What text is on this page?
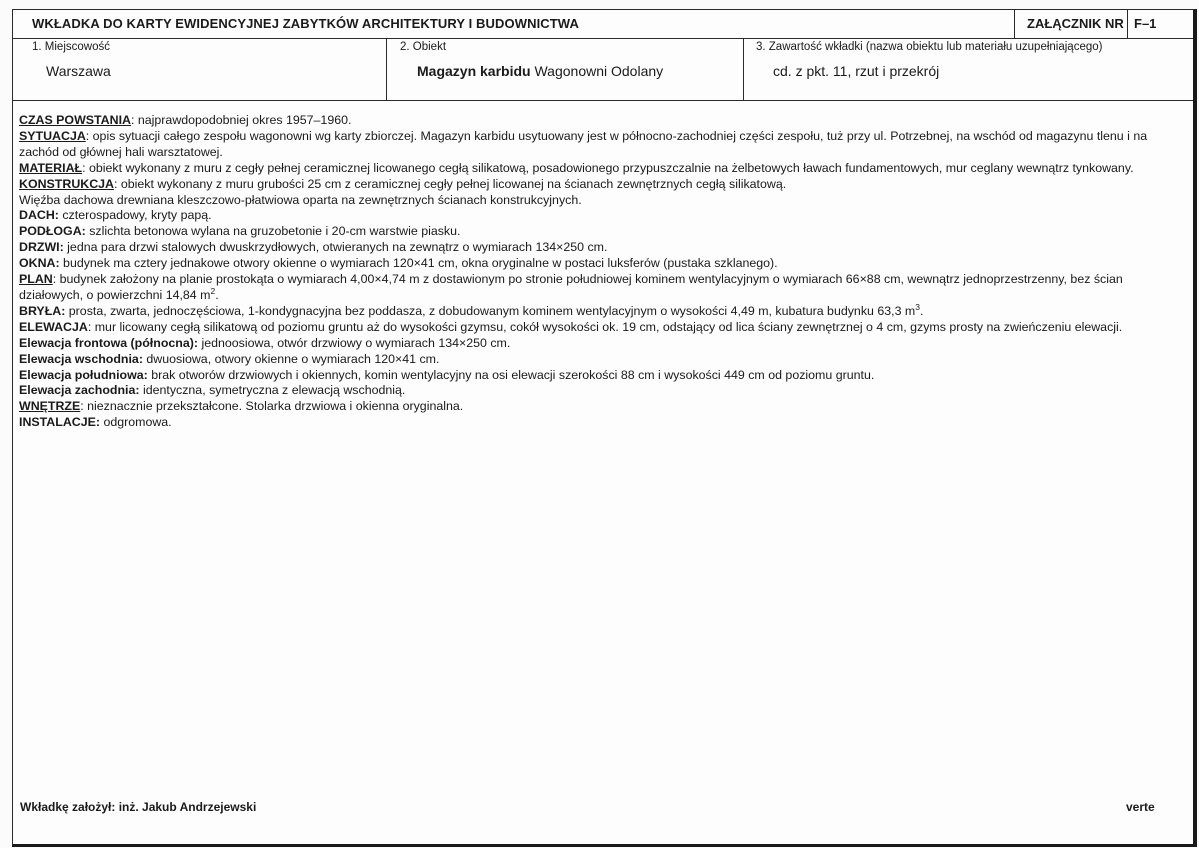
WKŁADKA DO KARTY EWIDENCYJNEJ ZABYTKÓW ARCHITEKTURY I BUDOWNICTWA	ZAŁĄCZNIK NR F–1
1. Miejscowość
Warszawa
2. Obiekt
Magazyn karbidu Wagonowni Odolany
3. Zawartość wkładki (nazwa obiektu lub materiału uzupełniającego)
cd. z pkt. 11, rzut i przekrój

CZAS POWSTANIA: najprawdopodobniej okres 1957–1960.

SYTUACJA: opis sytuacji całego zespołu wagonowni wg karty zbiorczej. Magazyn karbidu usytuowany jest w północno-zachodniej części zespołu, tuż przy ul. Potrzebnej, na wschód od magazynu tlenu i na zachód od głównej hali warsztatowej.

MATERIAŁ: obiekt wykonany z muru z cegły pełnej ceramicznej licowanego cegłą silikatową, posadowionego przypuszczalnie na żelbetowych ławach fundamentowych, mur ceglany wewnątrz tynkowany.

KONSTRUKCJA: obiekt wykonany z muru grubości 25 cm z ceramicznej cegły pełnej licowanej na ścianach zewnętrznych cegłą silikatową.

Więźba dachowa drewniana kleszczowo-płatwiowa oparta na zewnętrznych ścianach konstrukcyjnych.

DACH: czterospadowy, kryty papą.

PODŁOGA: szlichta betonowa wylana na gruzobetonie i 20-cm warstwie piasku.

DRZWI: jedna para drzwi stalowych dwuskrzydłowych, otwieranych na zewnątrz o wymiarach 134×250 cm.

OKNA: budynek ma cztery jednakowe otwory okienne o wymiarach 120×41 cm, okna oryginalne w postaci luksferów (pustaka szklanego).

PLAN: budynek założony na planie prostokąta o wymiarach 4,00×4,74 m z dostawionym po stronie południowej kominem wentylacyjnym o wymiarach 66×88 cm, wewnątrz jednoprzestrzenny, bez ścian działowych, o powierzchni 14,84 $m^2$.

BRYŁA: prosta, zwarta, jednoczęściowa, 1-kondygnacyjna bez poddasza, z dobudowanym kominem wentylacyjnym o wysokości 4,49 m, kubatura budynku 63,3 $m^3$.

ELEWACJA: mur licowany cegłą silikatową od poziomu gruntu aż do wysokości gzymsu, cokół wysokości ok. 19 cm, odstający od lica ściany zewnętrznej o 4 cm, gzyms prosty na zwieńczeniu elewacji.

Elewacja frontowa (północna): jednoosiowa, otwór drzwiowy o wymiarach 134×250 cm.

Elewacja wschodnia: dwuosiowa, otwory okienne o wymiarach 120×41 cm.

Elewacja południowa: brak otworów drzwiowych i okiennych, komin wentylacyjny na osi elewacji szerokości 88 cm i wysokości 449 cm od poziomu gruntu.

Elewacja zachodnia: identyczna, symetryczna z elewacją wschodnią.

WNĘTRZE: nieznacznie przekształcone. Stolarka drzwiowa i okienna oryginalna.

INSTALACJE: odgromowa.

Wkładkę założył: inż. Jakub Andrzejewski	verte
